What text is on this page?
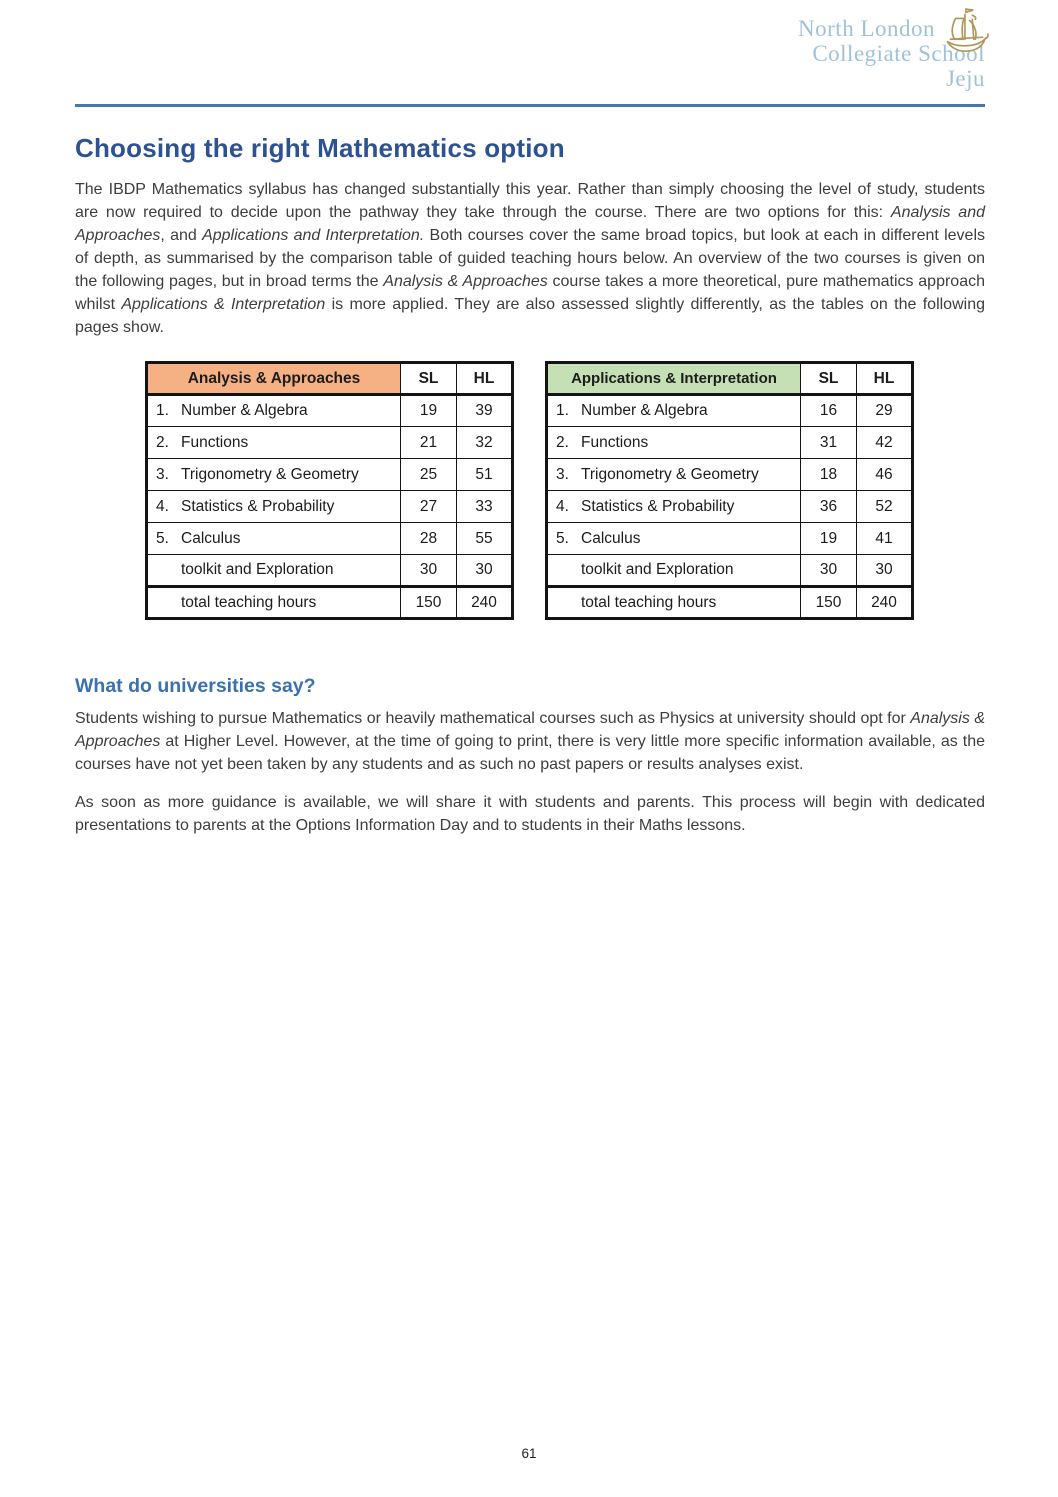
North London
Collegiate School
Jeju
Choosing the right Mathematics option

The IBDP Mathematics syllabus has changed substantially this year. Rather than simply choosing the level of study, students are now required to decide upon the pathway they take through the course. There are two options for this: Analysis and Approaches, and Applications and Interpretation. Both courses cover the same broad topics, but look at each in different levels of depth, as summarised by the comparison table of guided teaching hours below. An overview of the two courses is given on the following pages, but in broad terms the Analysis & Approaches course takes a more theoretical, pure mathematics approach whilst Applications & Interpretation is more applied. They are also assessed slightly differently, as the tables on the following pages show.

Analysis & Approaches	SL	HL
1. Number & Algebra	19	39
2. Functions	21	32
3. Trigonometry & Geometry	25	51
4. Statistics & Probability	27	33
5. Calculus	28	55
toolkit and Exploration	30	30
total teaching hours	150	240
Applications & Interpretation	SL	HL
1. Number & Algebra	16	29
2. Functions	31	42
3. Trigonometry & Geometry	18	46
4. Statistics & Probability	36	52
5. Calculus	19	41
toolkit and Exploration	30	30
total teaching hours	150	240
What do universities say?

Students wishing to pursue Mathematics or heavily mathematical courses such as Physics at university should opt for Analysis & Approaches at Higher Level. However, at the time of going to print, there is very little more specific information available, as the courses have not yet been taken by any students and as such no past papers or results analyses exist.

As soon as more guidance is available, we will share it with students and parents. This process will begin with dedicated presentations to parents at the Options Information Day and to students in their Maths lessons.

61
